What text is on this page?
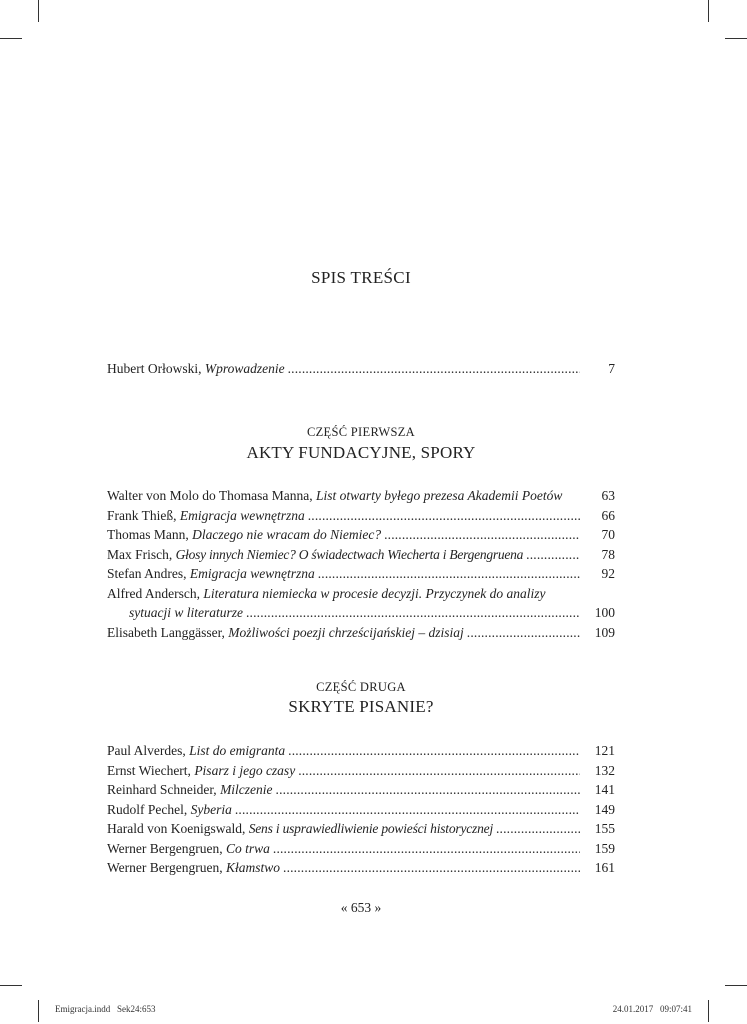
SPIS TREŚCI
Hubert Orłowski, Wprowadzenie . . .	7
CZĘŚĆ PIERWSZA
AKTY FUNDACYJNE, SPORY
Walter von Molo do Thomasa Manna, List otwarty byłego prezesa Akademii Poetów	63
Frank Thieß, Emigracja wewnętrzna . . .	66
Thomas Mann, Dlaczego nie wracam do Niemiec? . . .	70
Max Frisch, Głosy innych Niemiec? O świadectwach Wiecherta i Bergengruena . . .	78
Stefan Andres, Emigracja wewnętrzna . . .	92
Alfred Andersch, Literatura niemiecka w procesie decyzji. Przyczynek do analizy
sytuacji w literaturze . . .	100
Elisabeth Langgässer, Możliwości poezji chrześcijańskiej – dzisiaj . . .	109
CZĘŚĆ DRUGA
SKRYTE PISANIE?
Paul Alverdes, List do emigranta . . .	121
Ernst Wiechert, Pisarz i jego czasy . . .	132
Reinhard Schneider, Milczenie . . .	141
Rudolf Pechel, Syberia . . .	149
Harald von Koenigswald, Sens i usprawiedliwienie powieści historycznej . . .	155
Werner Bergengruen, Co trwa . . .	159
Werner Bergengruen, Kłamstwo . . .	161
« 653 »
Emigracja.indd   Sek24:653	24.01.2017   09:07:41
